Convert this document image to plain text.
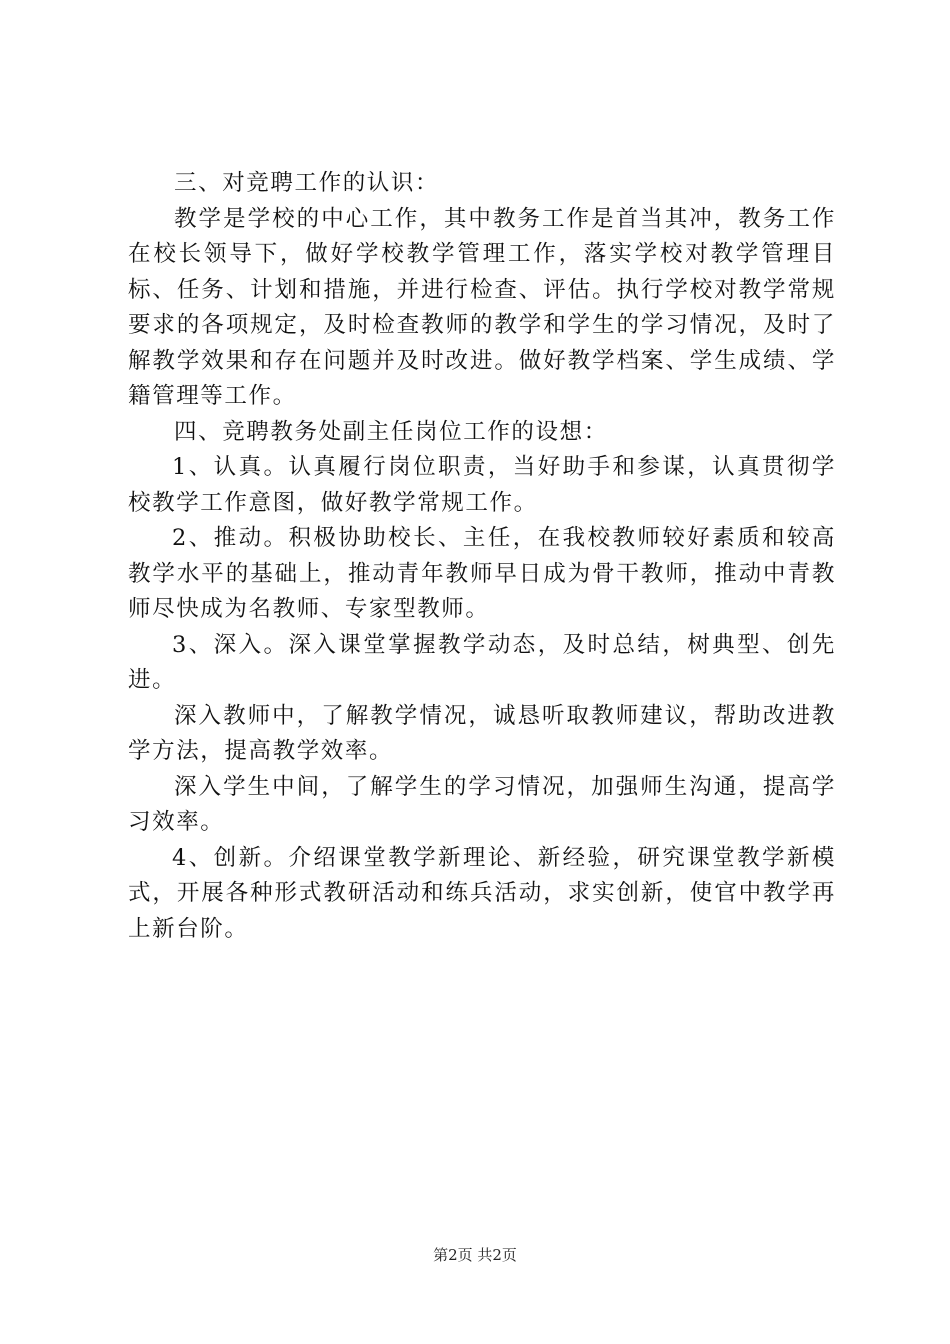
三、对竞聘工作的认识：

教学是学校的中心工作，其中教务工作是首当其冲，教务工作在校长领导下，做好学校教学管理工作，落实学校对教学管理目标、任务、计划和措施，并进行检查、评估。执行学校对教学常规要求的各项规定，及时检查教师的教学和学生的学习情况，及时了解教学效果和存在问题并及时改进。做好教学档案、学生成绩、学籍管理等工作。

四、竞聘教务处副主任岗位工作的设想：

1、认真。认真履行岗位职责，当好助手和参谋，认真贯彻学校教学工作意图，做好教学常规工作。

2、推动。积极协助校长、主任，在我校教师较好素质和较高教学水平的基础上，推动青年教师早日成为骨干教师，推动中青教师尽快成为名教师、专家型教师。

3、深入。深入课堂掌握教学动态，及时总结，树典型、创先进。

深入教师中，了解教学情况，诚恳听取教师建议，帮助改进教学方法，提高教学效率。

深入学生中间，了解学生的学习情况，加强师生沟通，提高学习效率。

4、创新。介绍课堂教学新理论、新经验，研究课堂教学新模式，开展各种形式教研活动和练兵活动，求实创新，使官中教学再上新台阶。

第2页 共2页
